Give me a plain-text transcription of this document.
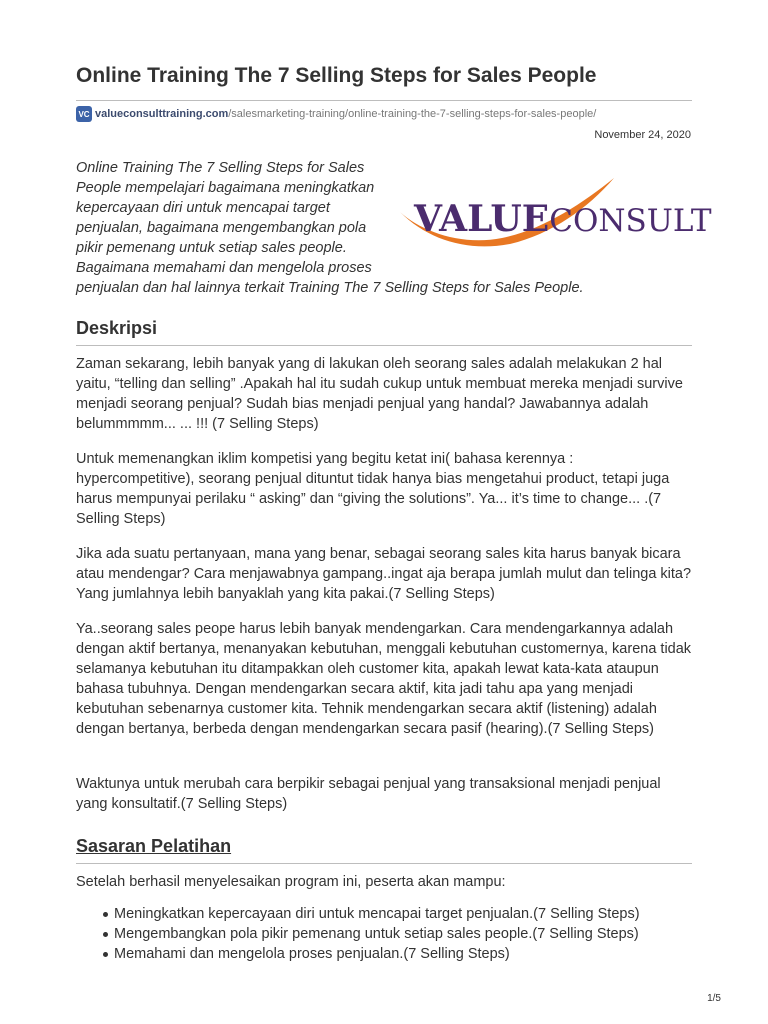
Online Training The 7 Selling Steps for Sales People
VC valueconsulttraining.com /salesmarketing-training/online-training-the-7-selling-steps-for-sales-people/
November 24, 2020
VALUECONSULT

Online Training The 7 Selling Steps for Sales People mempelajari bagaimana meningkatkan kepercayaan diri untuk mencapai target penjualan, bagaimana mengembangkan pola pikir pemenang untuk setiap sales people. Bagaimana memahami dan mengelola proses penjualan dan hal lainnya terkait Training The 7 Selling Steps for Sales People.

Deskripsi

Zaman sekarang, lebih banyak yang di lakukan oleh seorang sales adalah melakukan 2 hal yaitu, “telling dan selling” .Apakah hal itu sudah cukup untuk membuat mereka menjadi survive menjadi seorang penjual? Sudah bias menjadi penjual yang handal? Jawabannya adalah belummmmm... ... !!! (7 Selling Steps)

Untuk memenangkan iklim kompetisi yang begitu ketat ini( bahasa kerennya : hypercompetitive), seorang penjual dituntut tidak hanya bias mengetahui product, tetapi juga harus mempunyai perilaku “ asking” dan “giving the solutions”. Ya... it’s time to change... .(7 Selling Steps)

Jika ada suatu pertanyaan, mana yang benar, sebagai seorang sales kita harus banyak bicara atau mendengar? Cara menjawabnya gampang..ingat aja berapa jumlah mulut dan telinga kita? Yang jumlahnya lebih banyaklah yang kita pakai.(7 Selling Steps)

Ya..seorang sales peope harus lebih banyak mendengarkan. Cara mendengarkannya adalah dengan aktif bertanya, menanyakan kebutuhan, menggali kebutuhan customernya, karena tidak selamanya kebutuhan itu ditampakkan oleh customer kita, apakah lewat kata-kata ataupun bahasa tubuhnya. Dengan mendengarkan secara aktif, kita jadi tahu apa yang menjadi kebutuhan sebenarnya customer kita. Tehnik mendengarkan secara aktif (listening) adalah dengan bertanya, berbeda dengan mendengarkan secara pasif (hearing).(7 Selling Steps)

Waktunya untuk merubah cara berpikir sebagai penjual yang transaksional menjadi penjual yang konsultatif.(7 Selling Steps)

Sasaran Pelatihan

Setelah berhasil menyelesaikan program ini, peserta akan mampu:

Meningkatkan kepercayaan diri untuk mencapai target penjualan.(7 Selling Steps)
Mengembangkan pola pikir pemenang untuk setiap sales people.(7 Selling Steps)
Memahami dan mengelola proses penjualan.(7 Selling Steps)
1/5
